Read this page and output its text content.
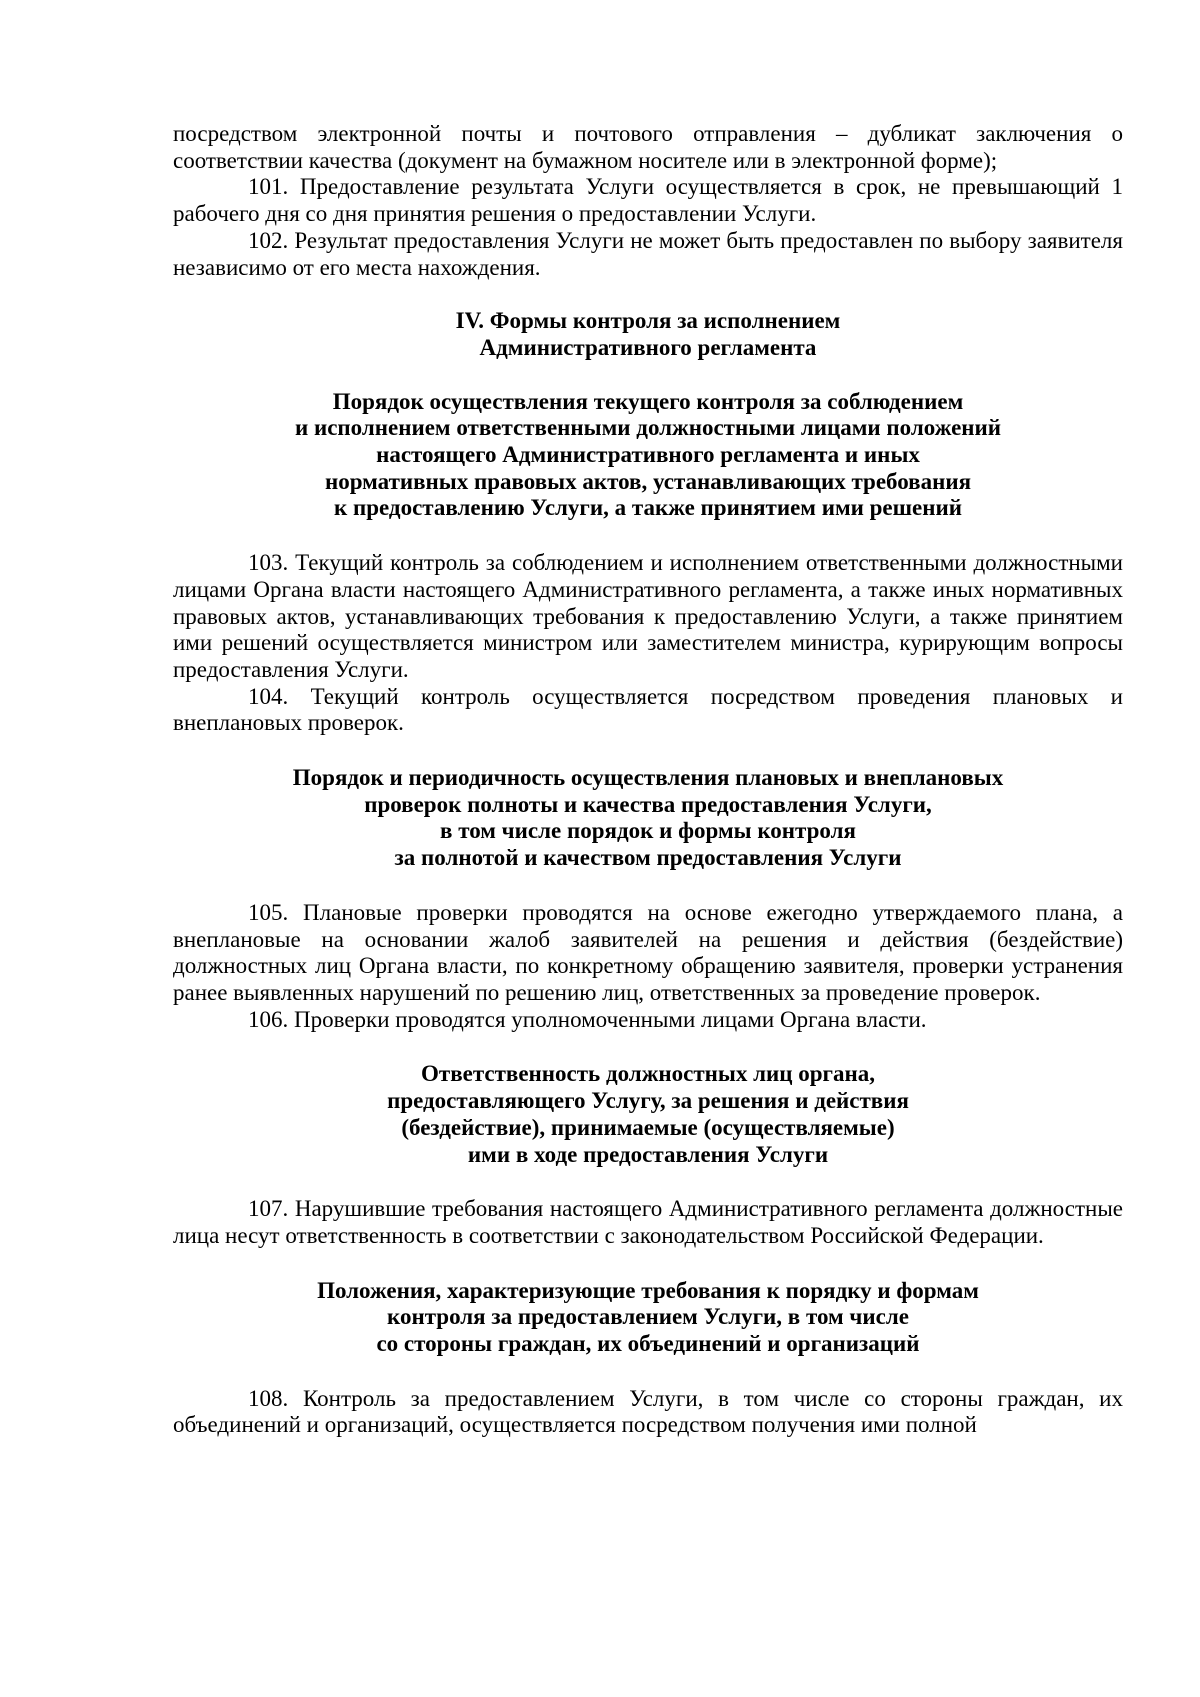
посредством электронной почты и почтового отправления – дубликат заключения о соответствии качества (документ на бумажном носителе или в электронной форме);

101. Предоставление результата Услуги осуществляется в срок, не превышающий 1 рабочего дня со дня принятия решения о предоставлении Услуги.

102. Результат предоставления Услуги не может быть предоставлен по выбору заявителя независимо от его места нахождения.

IV. Формы контроля за исполнением
Административного регламента

Порядок осуществления текущего контроля за соблюдением
и исполнением ответственными должностными лицами положений
настоящего Административного регламента и иных
нормативных правовых актов, устанавливающих требования
к предоставлению Услуги, а также принятием ими решений

103. Текущий контроль за соблюдением и исполнением ответственными должностными лицами Органа власти настоящего Административного регламента, а также иных нормативных правовых актов, устанавливающих требования к предоставлению Услуги, а также принятием ими решений осуществляется министром или заместителем министра, курирующим вопросы предоставления Услуги.

104. Текущий контроль осуществляется посредством проведения плановых и внеплановых проверок.

Порядок и периодичность осуществления плановых и внеплановых
проверок полноты и качества предоставления Услуги,
в том числе порядок и формы контроля
за полнотой и качеством предоставления Услуги

105. Плановые проверки проводятся на основе ежегодно утверждаемого плана, а внеплановые на основании жалоб заявителей на решения и действия (бездействие) должностных лиц Органа власти, по конкретному обращению заявителя, проверки устранения ранее выявленных нарушений по решению лиц, ответственных за проведение проверок.

106. Проверки проводятся уполномоченными лицами Органа власти.

Ответственность должностных лиц органа,
предоставляющего Услугу, за решения и действия
(бездействие), принимаемые (осуществляемые)
ими в ходе предоставления Услуги

107. Нарушившие требования настоящего Административного регламента должностные лица несут ответственность в соответствии с законодательством Российской Федерации.

Положения, характеризующие требования к порядку и формам
контроля за предоставлением Услуги, в том числе
со стороны граждан, их объединений и организаций

108. Контроль за предоставлением Услуги, в том числе со стороны граждан, их объединений и организаций, осуществляется посредством получения ими полной
